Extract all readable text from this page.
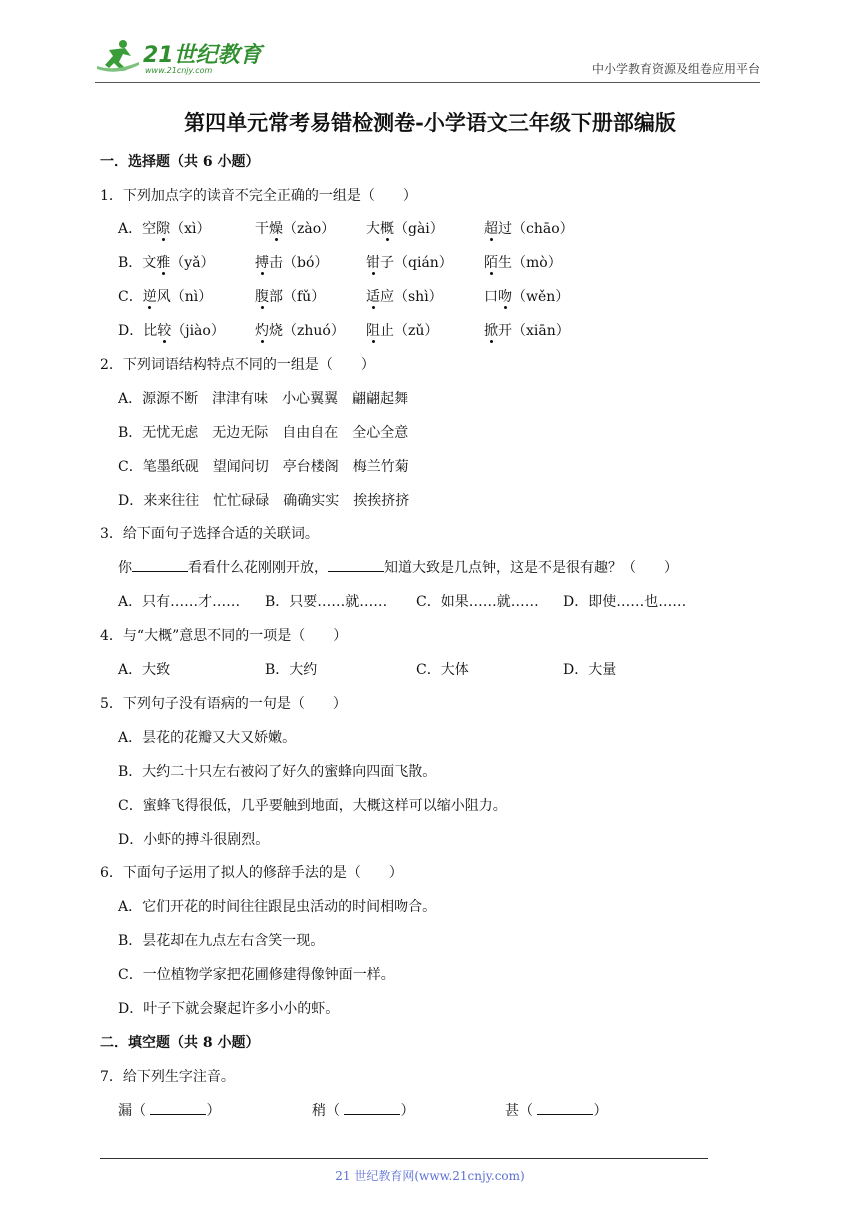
21世纪教育
www.21cnjy.com	中小学教育资源及组卷应用平台
第四单元常考易错检测卷-小学语文三年级下册部编版
一．选择题（共 6 小题）
1．下列加点字的读音不完全正确的一组是（　　）
A．空隙（xì）	干燥（zào） 大概（gài）	超过（chāo）
B．文雅（yǎ）	搏击（bó）	钳子（qián） 陌生（mò）
C．逆风（nì）	腹部（fǔ）	适应（shì）	口吻（wěn）
D．比较（jiào） 灼烧（zhuó） 阻止（zǔ）	掀开（xiān）
2．下列词语结构特点不同的一组是（　　）
A．源源不断　津津有味　小心翼翼　翩翩起舞
B．无忧无虑　无边无际　自由自在　全心全意
C．笔墨纸砚　望闻问切　亭台楼阁　梅兰竹菊
D．来来往往　忙忙碌碌　确确实实　挨挨挤挤
3．给下面句子选择合适的关联词。
你	看看什么花刚刚开放，	知道大致是几点钟，这是不是很有趣？（　　）
A．只有……才…… B．只要……就…… C．如果……就…… D．即使……也……
4．与“大概”意思不同的一项是（　　）
A．大致	B．大约	C．大体	D．大量
5．下列句子没有语病的一句是（　　）
A．昙花的花瓣又大又娇嫩。
B．大约二十只左右被闷了好久的蜜蜂向四面飞散。
C．蜜蜂飞得很低，几乎要触到地面，大概这样可以缩小阻力。
D．小虾的搏斗很剧烈。
6．下面句子运用了拟人的修辞手法的是（　　）
A．它们开花的时间往往跟昆虫活动的时间相吻合。
B．昙花却在九点左右含笑一现。
C．一位植物学家把花圃修建得像钟面一样。
D．叶子下就会聚起许多小小的虾。
二．填空题（共 8 小题）
7．给下列生字注音。
漏（	）	稍（	）	甚（	）
21 世纪教育网(www.21cnjy.com)
